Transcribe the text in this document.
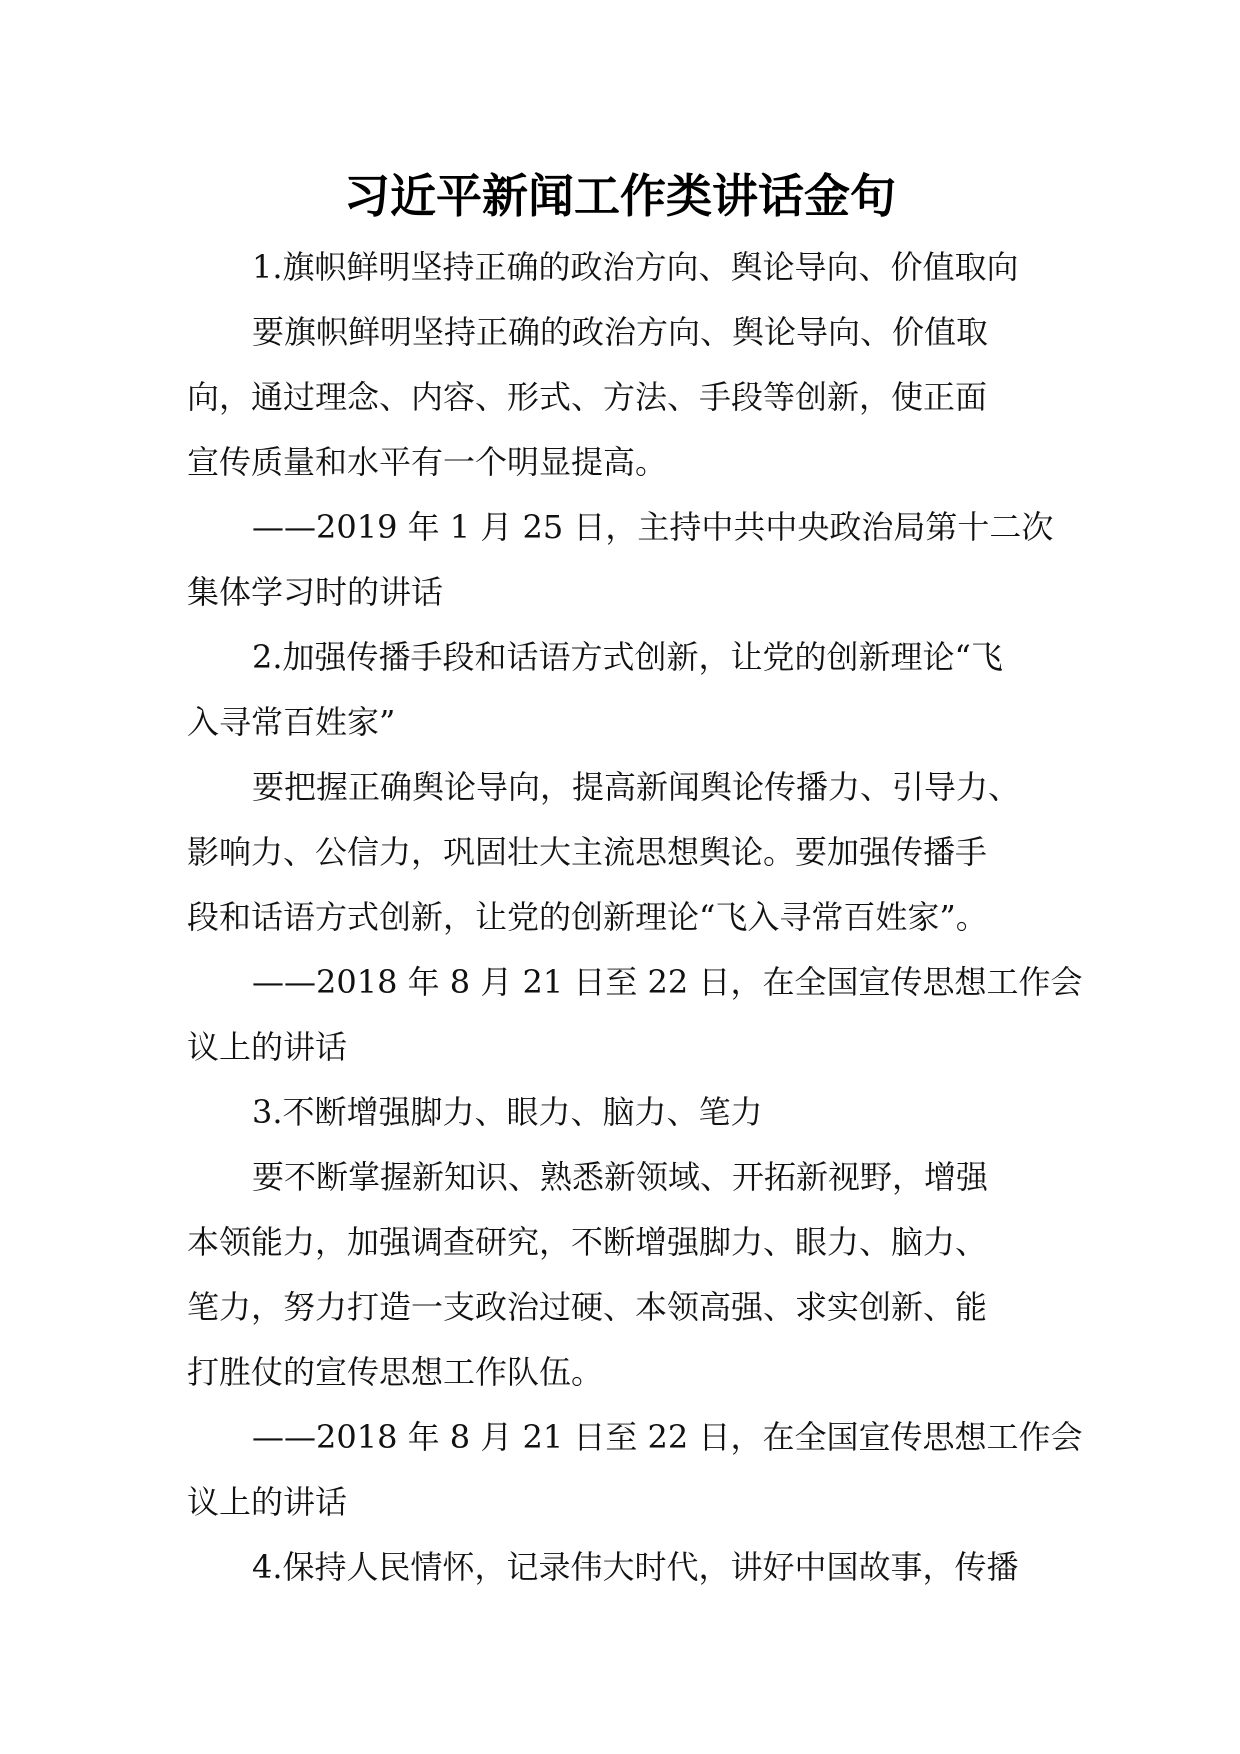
习近平新闻工作类讲话金句
1.旗帜鲜明坚持正确的政治方向、舆论导向、价值取向
要旗帜鲜明坚持正确的政治方向、舆论导向、价值取
向，通过理念、内容、形式、方法、手段等创新，使正面
宣传质量和水平有一个明显提高。
——2019 年 1 月 25 日，主持中共中央政治局第十二次
集体学习时的讲话
2.加强传播手段和话语方式创新，让党的创新理论“飞
入寻常百姓家”
要把握正确舆论导向，提高新闻舆论传播力、引导力、
影响力、公信力，巩固壮大主流思想舆论。要加强传播手
段和话语方式创新，让党的创新理论“飞入寻常百姓家”。
——2018 年 8 月 21 日至 22 日，在全国宣传思想工作会
议上的讲话
3.不断增强脚力、眼力、脑力、笔力
要不断掌握新知识、熟悉新领域、开拓新视野，增强
本领能力，加强调查研究，不断增强脚力、眼力、脑力、
笔力，努力打造一支政治过硬、本领高强、求实创新、能
打胜仗的宣传思想工作队伍。
——2018 年 8 月 21 日至 22 日，在全国宣传思想工作会
议上的讲话
4.保持人民情怀，记录伟大时代，讲好中国故事，传播
